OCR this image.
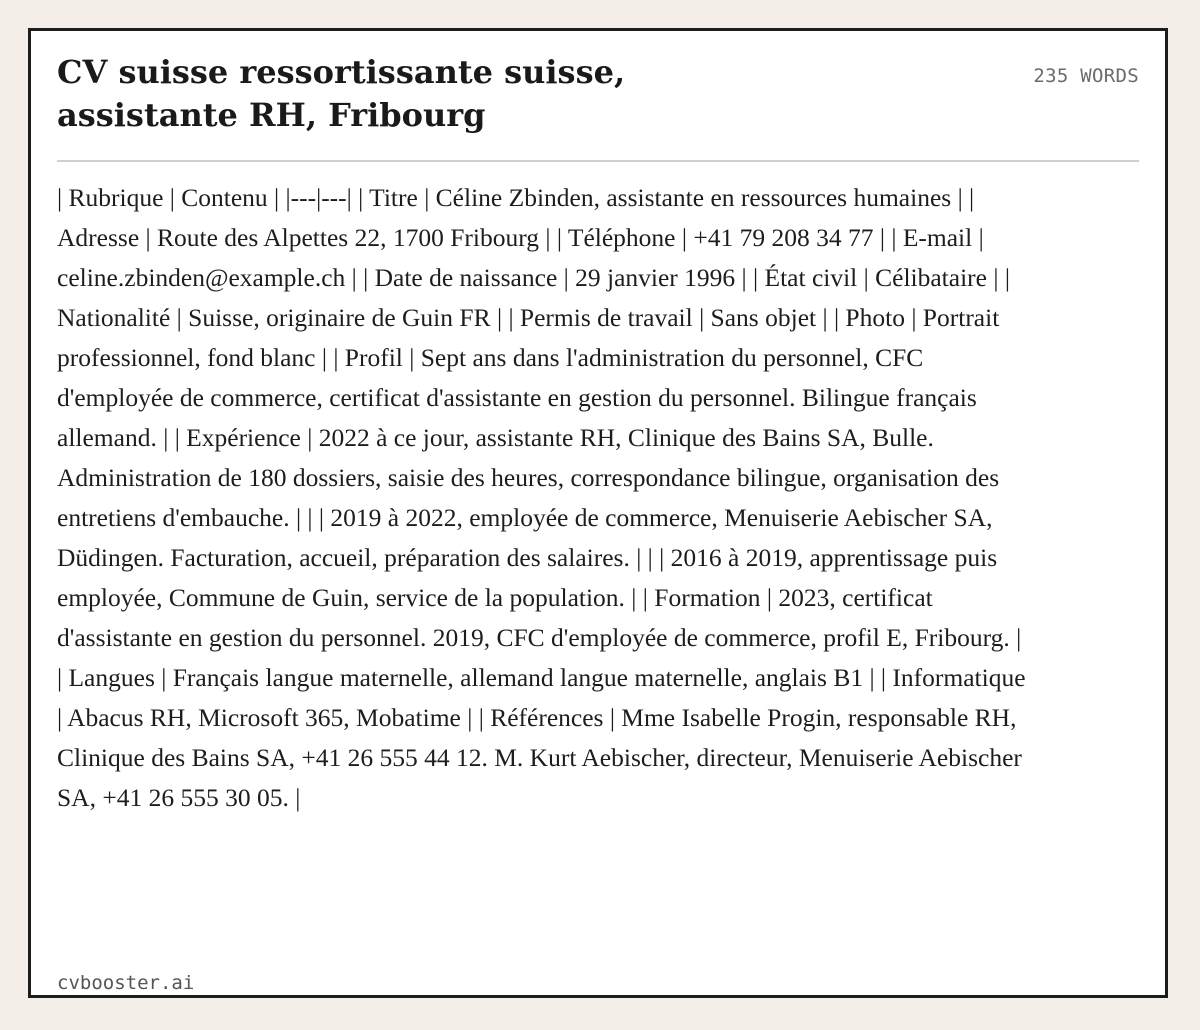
CV suisse ressortissante suisse, assistante RH, Fribourg
235 WORDS

| Rubrique | Contenu | |---|---| | Titre | Céline Zbinden, assistante en ressources humaines | | Adresse | Route des Alpettes 22, 1700 Fribourg | | Téléphone | +41 79 208 34 77 | | E-mail | celine.zbinden@example.ch | | Date de naissance | 29 janvier 1996 | | État civil | Célibataire | | Nationalité | Suisse, originaire de Guin FR | | Permis de travail | Sans objet | | Photo | Portrait professionnel, fond blanc | | Profil | Sept ans dans l'administration du personnel, CFC d'employée de commerce, certificat d'assistante en gestion du personnel. Bilingue français allemand. | | Expérience | 2022 à ce jour, assistante RH, Clinique des Bains SA, Bulle. Administration de 180 dossiers, saisie des heures, correspondance bilingue, organisation des entretiens d'embauche. | | | 2019 à 2022, employée de commerce, Menuiserie Aebischer SA, Düdingen. Facturation, accueil, préparation des salaires. | | | 2016 à 2019, apprentissage puis employée, Commune de Guin, service de la population. | | Formation | 2023, certificat d'assistante en gestion du personnel. 2019, CFC d'employée de commerce, profil E, Fribourg. | | Langues | Français langue maternelle, allemand langue maternelle, anglais B1 | | Informatique | Abacus RH, Microsoft 365, Mobatime | | Références | Mme Isabelle Progin, responsable RH, Clinique des Bains SA, +41 26 555 44 12. M. Kurt Aebischer, directeur, Menuiserie Aebischer SA, +41 26 555 30 05. |

cvbooster.ai
